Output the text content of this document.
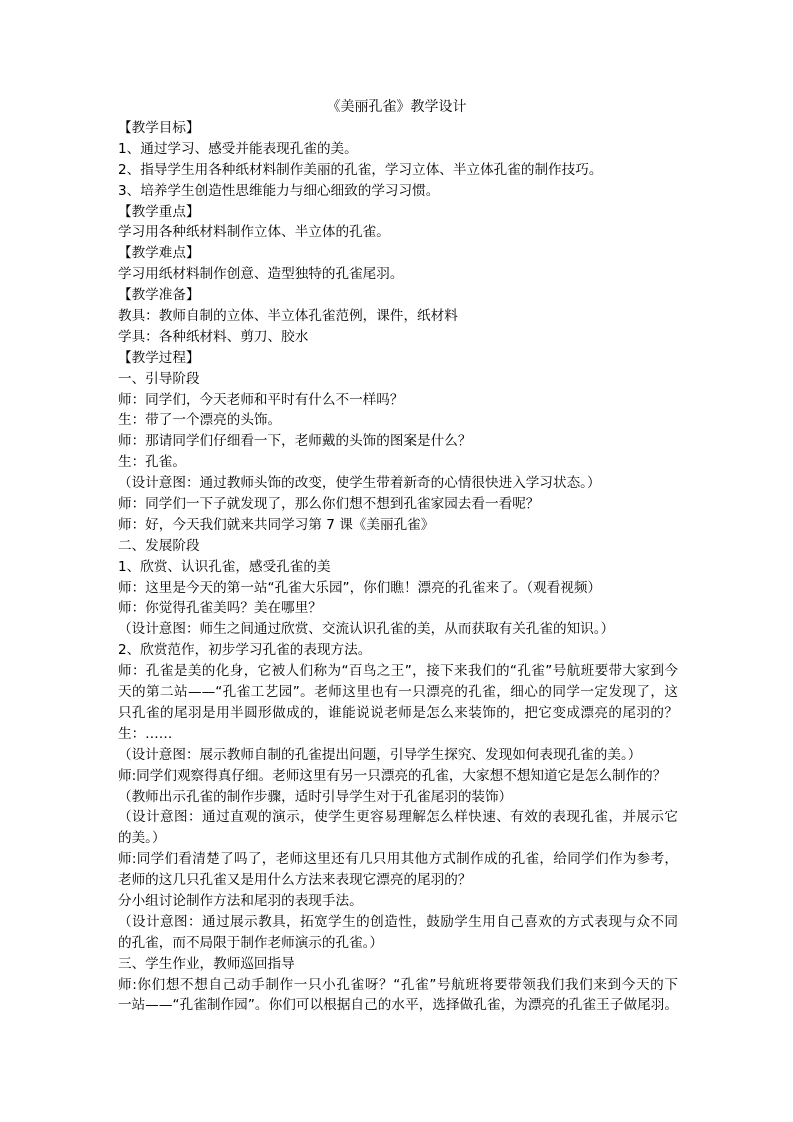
《美丽孔雀》教学设计
【教学目标】
1、通过学习、感受并能表现孔雀的美。
2、指导学生用各种纸材料制作美丽的孔雀，学习立体、半立体孔雀的制作技巧。
3、培养学生创造性思维能力与细心细致的学习习惯。
【教学重点】
学习用各种纸材料制作立体、半立体的孔雀。
【教学难点】
学习用纸材料制作创意、造型独特的孔雀尾羽。
【教学准备】
教具：教师自制的立体、半立体孔雀范例，课件，纸材料
学具：各种纸材料、剪刀、胶水
【教学过程】
一、引导阶段
师：同学们，今天老师和平时有什么不一样吗？
生：带了一个漂亮的头饰。
师：那请同学们仔细看一下，老师戴的头饰的图案是什么？
生：孔雀。
（设计意图：通过教师头饰的改变，使学生带着新奇的心情很快进入学习状态。）
师：同学们一下子就发现了，那么你们想不想到孔雀家园去看一看呢？
师：好，今天我们就来共同学习第 7 课《美丽孔雀》
二、发展阶段
1、欣赏、认识孔雀，感受孔雀的美
师：这里是今天的第一站“孔雀大乐园”，你们瞧！漂亮的孔雀来了。（观看视频）
师：你觉得孔雀美吗？美在哪里？
（设计意图：师生之间通过欣赏、交流认识孔雀的美，从而获取有关孔雀的知识。）
2、欣赏范作，初步学习孔雀的表现方法。
师：孔雀是美的化身，它被人们称为“百鸟之王”，接下来我们的“孔雀”号航班要带大家到今
天的第二站——“孔雀工艺园”。老师这里也有一只漂亮的孔雀，细心的同学一定发现了，这
只孔雀的尾羽是用半圆形做成的，谁能说说老师是怎么来装饰的，把它变成漂亮的尾羽的？
生：……
（设计意图：展示教师自制的孔雀提出问题，引导学生探究、发现如何表现孔雀的美。）
师:同学们观察得真仔细。老师这里有另一只漂亮的孔雀，大家想不想知道它是怎么制作的？
（教师出示孔雀的制作步骤，适时引导学生对于孔雀尾羽的装饰）
（设计意图：通过直观的演示，使学生更容易理解怎么样快速、有效的表现孔雀，并展示它
的美。）
师:同学们看清楚了吗了，老师这里还有几只用其他方式制作成的孔雀，给同学们作为参考，
老师的这几只孔雀又是用什么方法来表现它漂亮的尾羽的？
分小组讨论制作方法和尾羽的表现手法。
（设计意图：通过展示教具，拓宽学生的创造性，鼓励学生用自己喜欢的方式表现与众不同
的孔雀，而不局限于制作老师演示的孔雀。）
三、学生作业，教师巡回指导
师:你们想不想自己动手制作一只小孔雀呀？“孔雀”号航班将要带领我们我们来到今天的下
一站——“孔雀制作园”。你们可以根据自己的水平，选择做孔雀，为漂亮的孔雀王子做尾羽。
